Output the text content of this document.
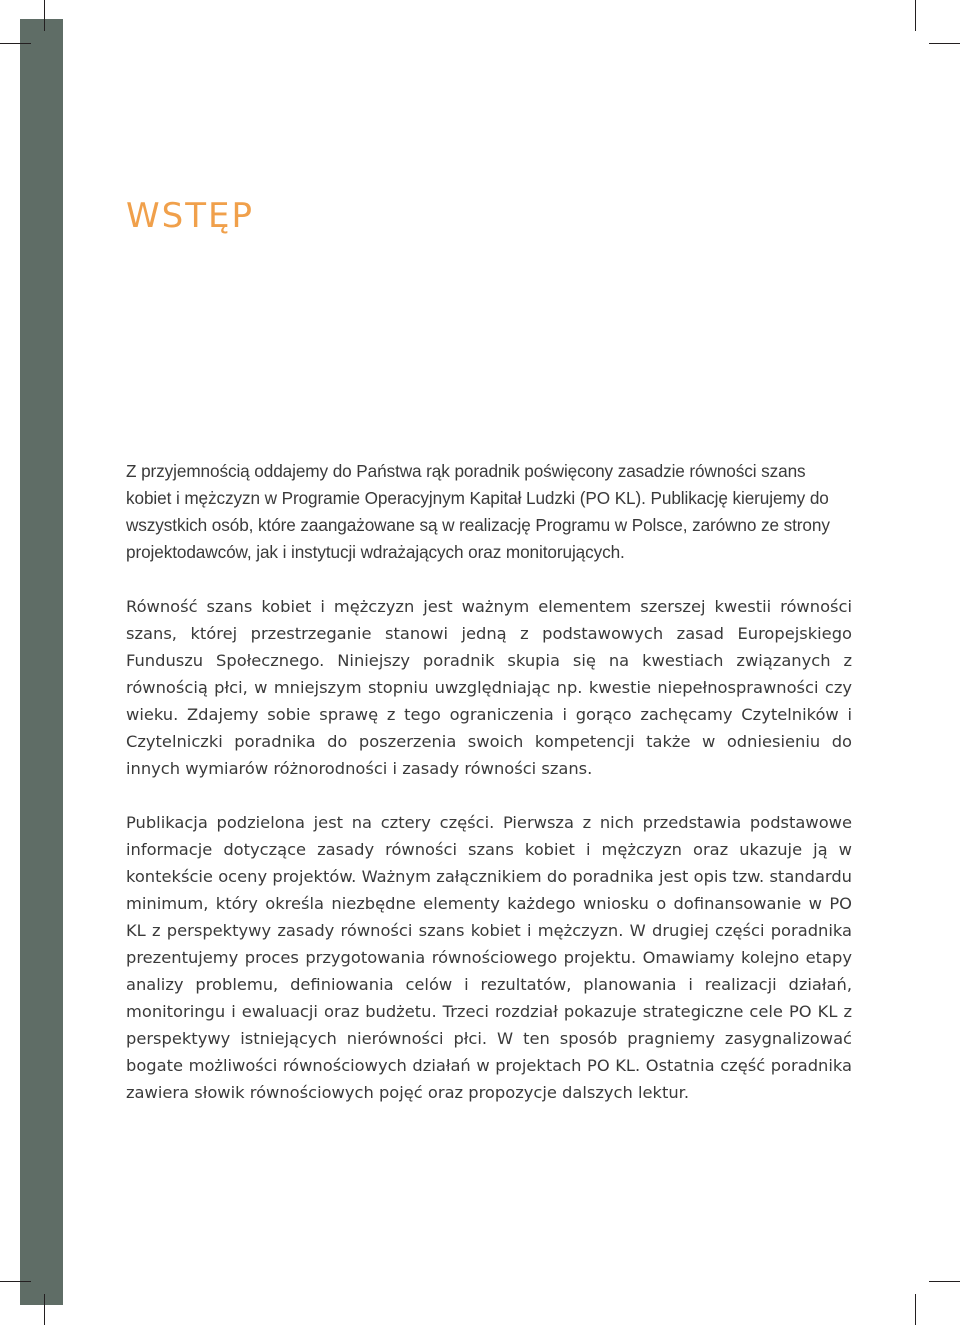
WSTĘP

Z przyjemnością oddajemy do Państwa rąk poradnik poświęcony zasadzie równości szans kobiet i mężczyzn w Programie Operacyjnym Kapitał Ludzki (PO KL). Publikację kierujemy do wszystkich osób, które zaangażowane są w realizację Programu w Polsce, zarówno ze strony projektodawców, jak i instytucji wdrażających oraz monitorujących.

Równość szans kobiet i mężczyzn jest ważnym elementem szerszej kwestii równości szans, której przestrzeganie stanowi jedną z podstawowych zasad Europejskiego Funduszu Społecznego. Niniejszy poradnik skupia się na kwestiach związanych z równością płci, w mniejszym stopniu uwzględniając np. kwestie niepełnosprawności czy wieku. Zdajemy sobie sprawę z tego ograniczenia i gorąco zachęcamy Czytelników i Czytelniczki poradnika do poszerzenia swoich kompetencji także w odniesieniu do innych wymiarów różnorodności i zasady równości szans.

Publikacja podzielona jest na cztery części. Pierwsza z nich przedstawia podstawowe informacje dotyczące zasady równości szans kobiet i mężczyzn oraz ukazuje ją w kontekście oceny projektów. Ważnym załącznikiem do poradnika jest opis tzw. standardu minimum, który określa niezbędne elementy każdego wniosku o dofinansowanie w PO KL z perspektywy zasady równości szans kobiet i mężczyzn. W drugiej części poradnika prezentujemy proces przygotowania równościowego projektu. Omawiamy kolejno etapy analizy problemu, definiowania celów i rezultatów, planowania i realizacji działań, monitoringu i ewaluacji oraz budżetu. Trzeci rozdział pokazuje strategiczne cele PO KL z perspektywy istniejących nierówności płci. W ten sposób pragniemy zasygnalizować bogate możliwości równościowych działań w projektach PO KL. Ostatnia część poradnika zawiera słowik równościowych pojęć oraz propozycje dalszych lektur.
